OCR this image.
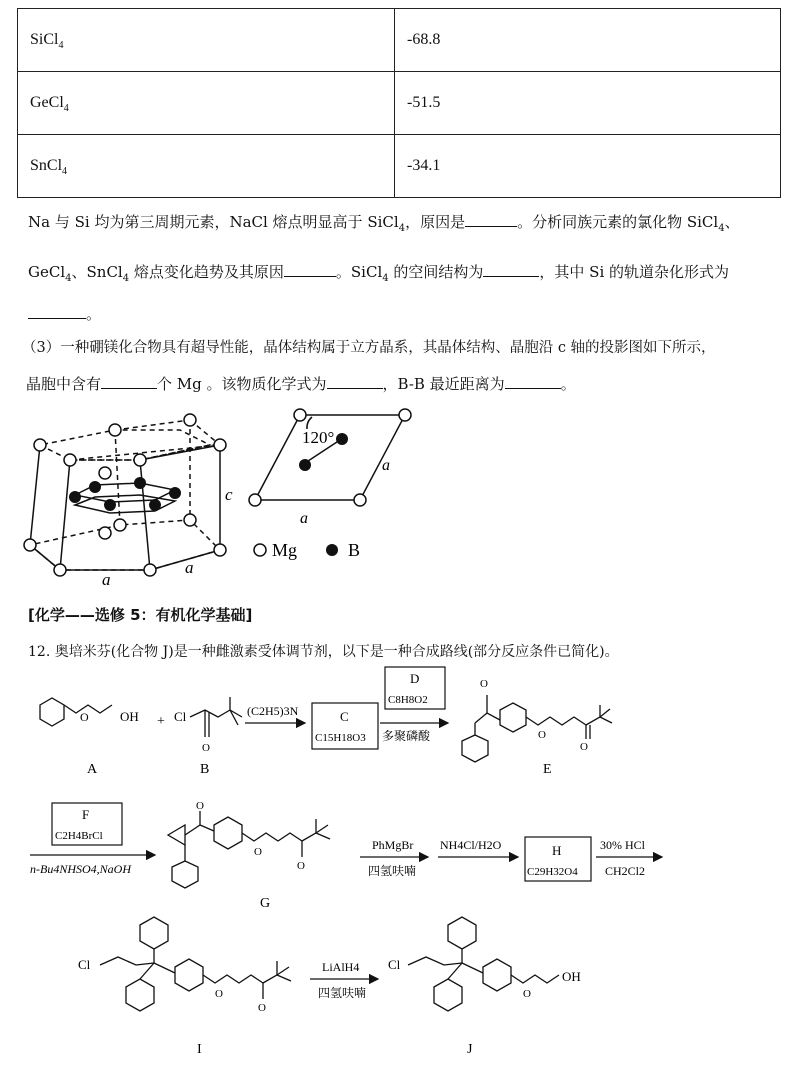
SiCl$_4$	-68.8
GeCl$_4$	-51.5
SnCl$_4$	-34.1
Na 与 Si 均为第三周期元素，NaCl 熔点明显高于 SiCl$_4$，原因是	。分析同族元素的氯化物 SiCl$_4$、
GeCl$_4$、SnCl$_4$ 熔点变化趋势及其原因	。SiCl$_4$ 的空间结构为	，其中 Si 的轨道杂化形式为
。
（3）一种硼镁化合物具有超导性能，晶体结构属于立方晶系，其晶体结构、晶胞沿 c 轴的投影图如下所示，
晶胞中含有	个 Mg 。该物质化学式为	，B-B 最近距离为	。
c
a
a
120°
a
a
Mg	B
[化学——选修 5：有机化学基础]
12. 奥培米芬(化合物 J)是一种雌激素受体调节剂，以下是一种合成路线(部分反应条件已简化)。
O OH
A
+ Cl
O
B
(C2H5)3N	C
C15H18O3
D
C8H8O2
多聚磷酸
O
O
O
E
F
C2H4BrCl
n-Bu4NHSO4,NaOH
O
O
O
G
PhMgBr
四氢呋喃
NH4Cl/H2O	H
C29H32O4
30% HCl
CH2Cl2
Cl
O
O
I
LiAlH4
四氢呋喃
Cl
O
OH
J
